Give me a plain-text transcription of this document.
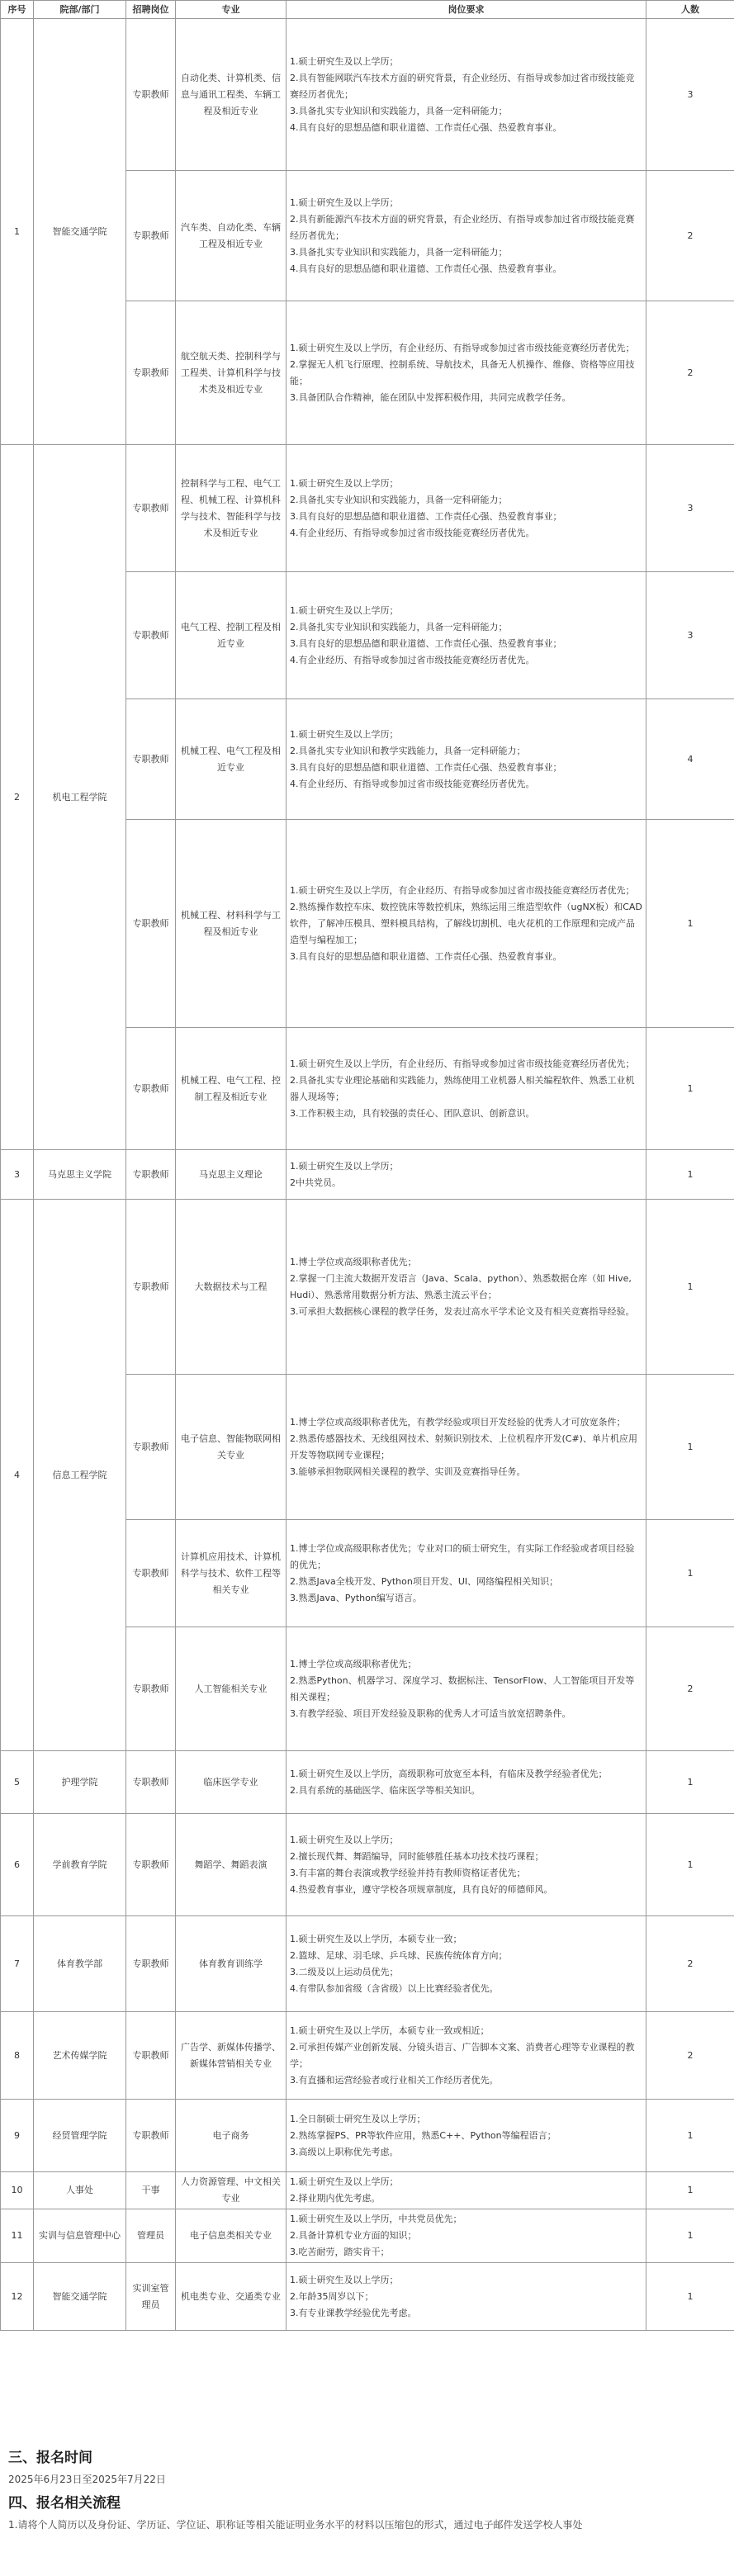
序号	院部/部门	招聘岗位	专业	岗位要求	人数
1	智能交通学院	专职教师	自动化类、计算机类、信息与通讯工程类、车辆工程及相近专业	1.硕士研究生及以上学历；
2.具有智能网联汽车技术方面的研究背景，有企业经历、有指导或参加过省市级技能竞赛经历者优先；
3.具备扎实专业知识和实践能力，具备一定科研能力；
4.具有良好的思想品德和职业道德、工作责任心强、热爱教育事业。	3
		专职教师	汽车类、自动化类、车辆工程及相近专业	1.硕士研究生及以上学历；
2.具有新能源汽车技术方面的研究背景，有企业经历、有指导或参加过省市级技能竞赛经历者优先；
3.具备扎实专业知识和实践能力，具备一定科研能力；
4.具有良好的思想品德和职业道德、工作责任心强、热爱教育事业。	2
		专职教师	航空航天类、控制科学与工程类、计算机科学与技术类及相近专业	1.硕士研究生及以上学历，有企业经历、有指导或参加过省市级技能竞赛经历者优先；
2.掌握无人机飞行原理、控制系统、导航技术，具备无人机操作、维修、资格等应用技能；
3.具备团队合作精神，能在团队中发挥积极作用，共同完成教学任务。	2
2	机电工程学院	专职教师	控制科学与工程、电气工程、机械工程、计算机科学与技术、智能科学与技术及相近专业	1.硕士研究生及以上学历；
2.具备扎实专业知识和实践能力，具备一定科研能力；
3.具有良好的思想品德和职业道德、工作责任心强、热爱教育事业；
4.有企业经历、有指导或参加过省市级技能竞赛经历者优先。	3
		专职教师	电气工程、控制工程及相近专业	1.硕士研究生及以上学历；
2.具备扎实专业知识和实践能力，具备一定科研能力；
3.具有良好的思想品德和职业道德、工作责任心强、热爱教育事业；
4.有企业经历、有指导或参加过省市级技能竞赛经历者优先。	3
		专职教师	机械工程、电气工程及相近专业	1.硕士研究生及以上学历；
2.具备扎实专业知识和教学实践能力，具备一定科研能力；
3.具有良好的思想品德和职业道德、工作责任心强、热爱教育事业；
4.有企业经历、有指导或参加过省市级技能竞赛经历者优先。	4
		专职教师	机械工程、材料科学与工程及相近专业	1.硕士研究生及以上学历，有企业经历、有指导或参加过省市级技能竞赛经历者优先；
2.熟练操作数控车床、数控铣床等数控机床，熟练运用三维造型软件（ugNX板）和CAD软件，了解冲压模具、塑料模具结构，了解线切割机、电火花机的工作原理和完成产品造型与编程加工；
3.具有良好的思想品德和职业道德、工作责任心强、热爱教育事业。	1
		专职教师	机械工程、电气工程、控制工程及相近专业	1.硕士研究生及以上学历，有企业经历、有指导或参加过省市级技能竞赛经历者优先；
2.具备扎实专业理论基础和实践能力，熟练使用工业机器人相关编程软件、熟悉工业机器人现场等；
3.工作积极主动，具有较强的责任心、团队意识、创新意识。	1
3	马克思主义学院	专职教师	马克思主义理论	1.硕士研究生及以上学历；
2中共党员。	1
4	信息工程学院	专职教师	大数据技术与工程	1.博士学位或高级职称者优先；
2.掌握一门主流大数据开发语言（Java、Scala、python）、熟悉数据仓库（如 Hive, Hudi）、熟悉常用数据分析方法、熟悉主流云平台；
3.可承担大数据核心课程的教学任务，发表过高水平学术论文及有相关竞赛指导经验。	1
		专职教师	电子信息、智能物联网相关专业	1.博士学位或高级职称者优先，有教学经验或项目开发经验的优秀人才可放宽条件；
2.熟悉传感器技术、无线组网技术、射频识别技术、上位机程序开发(C#)、单片机应用开发等物联网专业课程；
3.能够承担物联网相关课程的教学、实训及竞赛指导任务。	1
		专职教师	计算机应用技术、计算机科学与技术、软件工程等相关专业	1.博士学位或高级职称者优先；专业对口的硕士研究生，有实际工作经验或者项目经验的优先；
2.熟悉Java全栈开发、Python项目开发、UI、网络编程相关知识；
3.熟悉Java、Python编写语言。	1
		专职教师	人工智能相关专业	1.博士学位或高级职称者优先；
2.熟悉Python、机器学习、深度学习、数据标注、TensorFlow、人工智能项目开发等相关课程；
3.有教学经验、项目开发经验及职称的优秀人才可适当放宽招聘条件。	2
5	护理学院	专职教师	临床医学专业	1.硕士研究生及以上学历，高级职称可放宽至本科，有临床及教学经验者优先；
2.具有系统的基础医学、临床医学等相关知识。	1
6	学前教育学院	专职教师	舞蹈学、舞蹈表演	1.硕士研究生及以上学历；
2.擅长现代舞、舞蹈编导，同时能够胜任基本功技术技巧课程；
3.有丰富的舞台表演或教学经验并持有教师资格证者优先；
4.热爱教育事业，遵守学校各项规章制度，具有良好的师德师风。	1
7	体育教学部	专职教师	体育教育训练学	1.硕士研究生及以上学历，本硕专业一致；
2.篮球、足球、羽毛球、乒乓球、民族传统体育方向；
3.二级及以上运动员优先；
4.有带队参加省级（含省级）以上比赛经验者优先。	2
8	艺术传媒学院	专职教师	广告学、新媒体传播学、新媒体营销相关专业	1.硕士研究生及以上学历，本硕专业一致或相近；
2.可承担传媒产业创新发展、分镜头语言、广告脚本文案、消费者心理等专业课程的教学；
3.有直播和运营经验者或行业相关工作经历者优先。	2
9	经贸管理学院	专职教师	电子商务	1.全日制硕士研究生及以上学历；
2.熟练掌握PS、PR等软件应用，熟悉C++、Python等编程语言；
3.高级以上职称优先考虑。	1
10	人事处	干事	人力资源管理、中文相关专业	1.硕士研究生及以上学历；
2.择业期内优先考虑。	1
11	实训与信息管理中心	管理员	电子信息类相关专业	1.硕士研究生及以上学历，中共党员优先；
2.具备计算机专业方面的知识；
3.吃苦耐劳，踏实肯干；	1
12	智能交通学院	实训室管理员	机电类专业、交通类专业	1.硕士研究生及以上学历；
2.年龄35周岁以下；
3.有专业课教学经验优先考虑。	1
三、报名时间
2025年6月23日至2025年7月22日
四、报名相关流程
1.请将个人简历以及身份证、学历证、学位证、职称证等相关能证明业务水平的材料以压缩包的形式，通过电子邮件发送学校人事处
